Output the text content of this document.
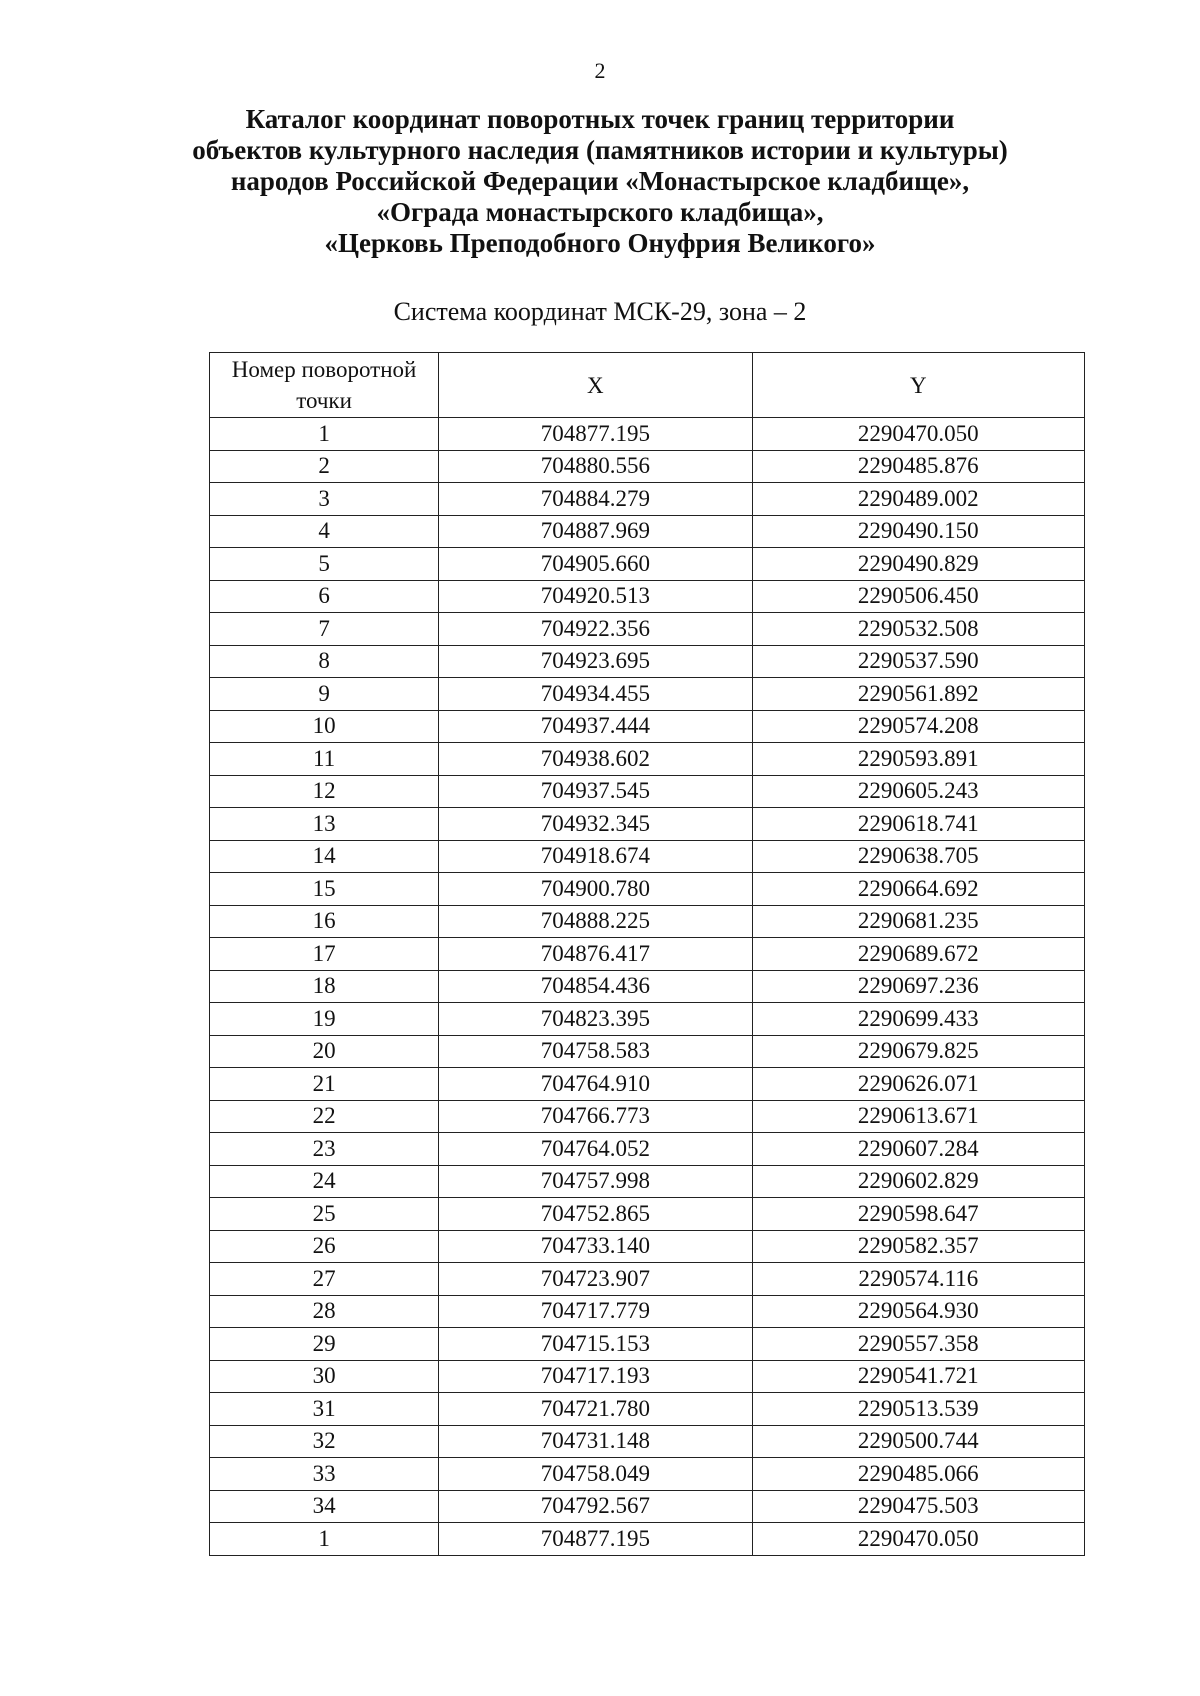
2
Каталог координат поворотных точек границ территории
объектов культурного наследия (памятников истории и культуры)
народов Российской Федерации «Монастырское кладбище»,
«Ограда монастырского кладбища»,
«Церковь Преподобного Онуфрия Великого»
Система координат МСК-29, зона – 2
Номер поворотной точки	X	Y
1	704877.195	2290470.050
2	704880.556	2290485.876
3	704884.279	2290489.002
4	704887.969	2290490.150
5	704905.660	2290490.829
6	704920.513	2290506.450
7	704922.356	2290532.508
8	704923.695	2290537.590
9	704934.455	2290561.892
10	704937.444	2290574.208
11	704938.602	2290593.891
12	704937.545	2290605.243
13	704932.345	2290618.741
14	704918.674	2290638.705
15	704900.780	2290664.692
16	704888.225	2290681.235
17	704876.417	2290689.672
18	704854.436	2290697.236
19	704823.395	2290699.433
20	704758.583	2290679.825
21	704764.910	2290626.071
22	704766.773	2290613.671
23	704764.052	2290607.284
24	704757.998	2290602.829
25	704752.865	2290598.647
26	704733.140	2290582.357
27	704723.907	2290574.116
28	704717.779	2290564.930
29	704715.153	2290557.358
30	704717.193	2290541.721
31	704721.780	2290513.539
32	704731.148	2290500.744
33	704758.049	2290485.066
34	704792.567	2290475.503
1	704877.195	2290470.050
